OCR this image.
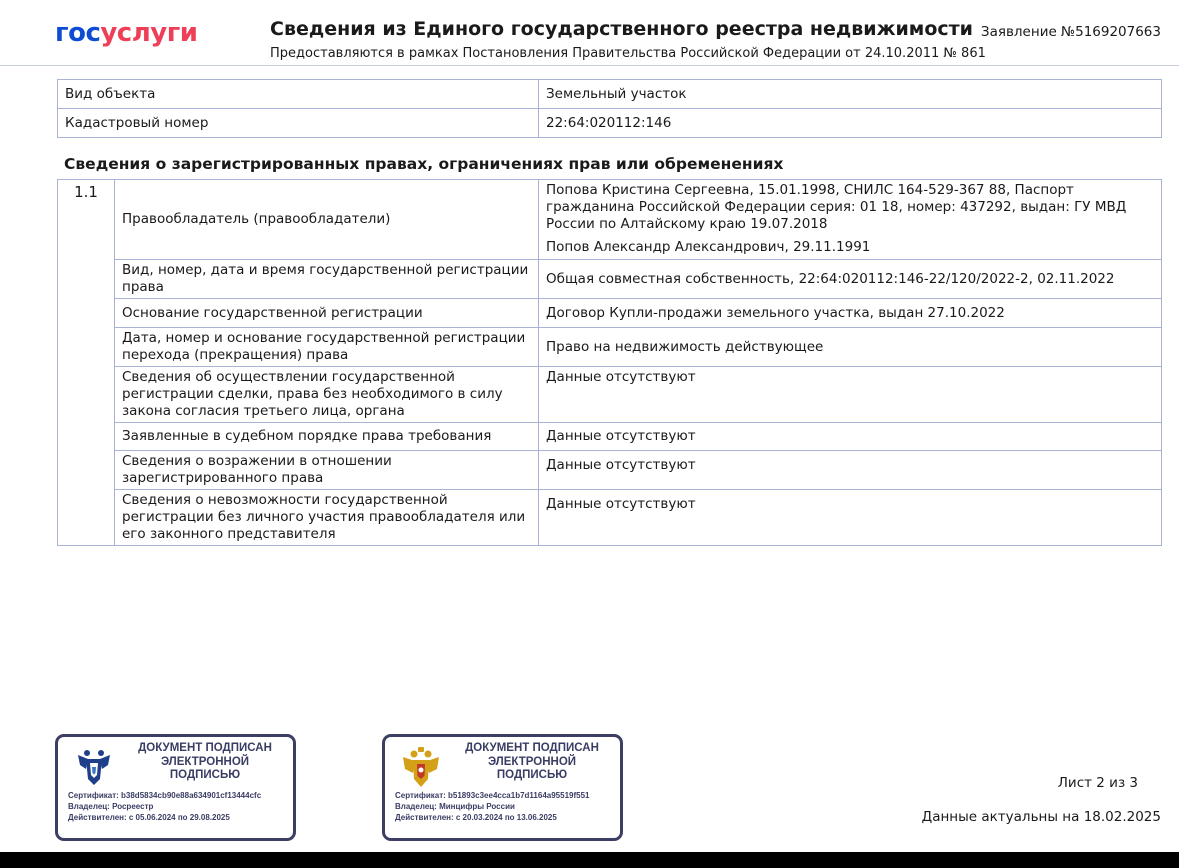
госуслуги	Сведения из Единого государственного реестра недвижимости
Предоставляются в рамках Постановления Правительства Российской Федерации от 24.10.2011 № 861
Заявление №5169207663
Вид объекта	Земельный участок
Кадастровый номер	22:64:020112:146
Сведения о зарегистрированных правах, ограничениях прав или обременениях
1.1	Правообладатель (правообладатели)	Попова Кристина Сергеевна, 15.01.1998, СНИЛС 164-529-367 88, Паспорт гражданина Российской Федерации серия: 01 18, номер: 437292, выдан: ГУ МВД России по Алтайскому краю 19.07.2018
Попов Александр Александрович, 29.11.1991

	Вид, номер, дата и время государственной регистрации права	Общая совместная собственность, 22:64:020112:146-22/120/2022-2, 02.11.2022
	Основание государственной регистрации	Договор Купли-продажи земельного участка, выдан 27.10.2022
	Дата, номер и основание государственной регистрации перехода (прекращения) права	Право на недвижимость действующее
	Сведения об осуществлении государственной регистрации сделки, права без необходимого в силу закона согласия третьего лица, органа	Данные отсутствуют
	Заявленные в судебном порядке права требования	Данные отсутствуют
	Сведения о возражении в отношении зарегистрированного права	Данные отсутствуют
	Сведения о невозможности государственной регистрации без личного участия правообладателя или его законного представителя	Данные отсутствуют
ДОКУМЕНТ ПОДПИСАН
ЭЛЕКТРОННОЙ
ПОДПИСЬЮ
Сертификат: b38d5834cb90e88a634901cf13444cfc
Владелец: Росреестр
Действителен: с 05.06.2024 по 29.08.2025
ДОКУМЕНТ ПОДПИСАН
ЭЛЕКТРОННОЙ
ПОДПИСЬЮ
Сертификат: b51893c3ee4cca1b7d1164a95519f551
Владелец: Минцифры России
Действителен: с 20.03.2024 по 13.06.2025
Лист 2 из 3
Данные актуальны на 18.02.2025
